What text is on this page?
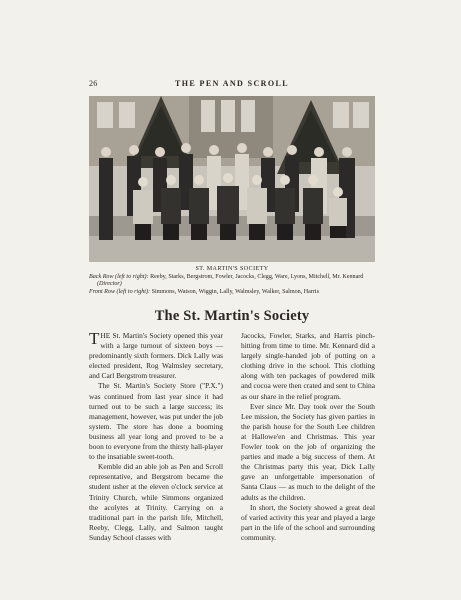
26	THE PEN AND SCROLL
ST. MARTIN'S SOCIETY
Back Row (left to right): Reeby, Starks, Bergstrom, Fowler, Jacocks, Clegg, Ware, Lyons, Mitchell, Mr. Kennard (Director)
Front Row (left to right): Simmons, Watson, Wiggin, Lally, Walmsley, Walker, Salmon, Harris
The St. Martin's Society

THE St. Martin's Society opened this year with a large turnout of sixteen boys — predominantly sixth formers. Dick Lally was elected president, Rog Walmsley secretary, and Carl Bergstrom treasurer.

The St. Martin's Society Store ("P.X.") was continued from last year since it had turned out to be such a large success; its management, however, was put under the job system. The store has done a booming business all year long and proved to be a boon to everyone from the thirsty hall-player to the insatiable sweet-tooth.

Kemble did an able job as Pen and Scroll representative, and Bergstrom became the student usher at the eleven o'clock service at Trinity Church, while Simmons organized the acolytes at Trinity. Carrying on a traditional part in the parish life, Mitchell, Reeby, Clegg, Lally, and Salmon taught Sunday School classes with

Jacocks, Fowler, Starks, and Harris pinch-hitting from time to time. Mr. Kennard did a largely single-handed job of putting on a clothing drive in the school. This clothing along with ten packages of powdered milk and cocoa were then crated and sent to China as our share in the relief program.

Ever since Mr. Day took over the South Lee mission, the Society has given parties in the parish house for the South Lee children at Hallowe'en and Christmas. This year Fowler took on the job of organizing the parties and made a big success of them. At the Christmas party this year, Dick Lally gave an unforgettable impersonation of Santa Claus — as much to the delight of the adults as the children.

In short, the Society showed a great deal of varied activity this year and played a large part in the life of the school and surrounding community.
